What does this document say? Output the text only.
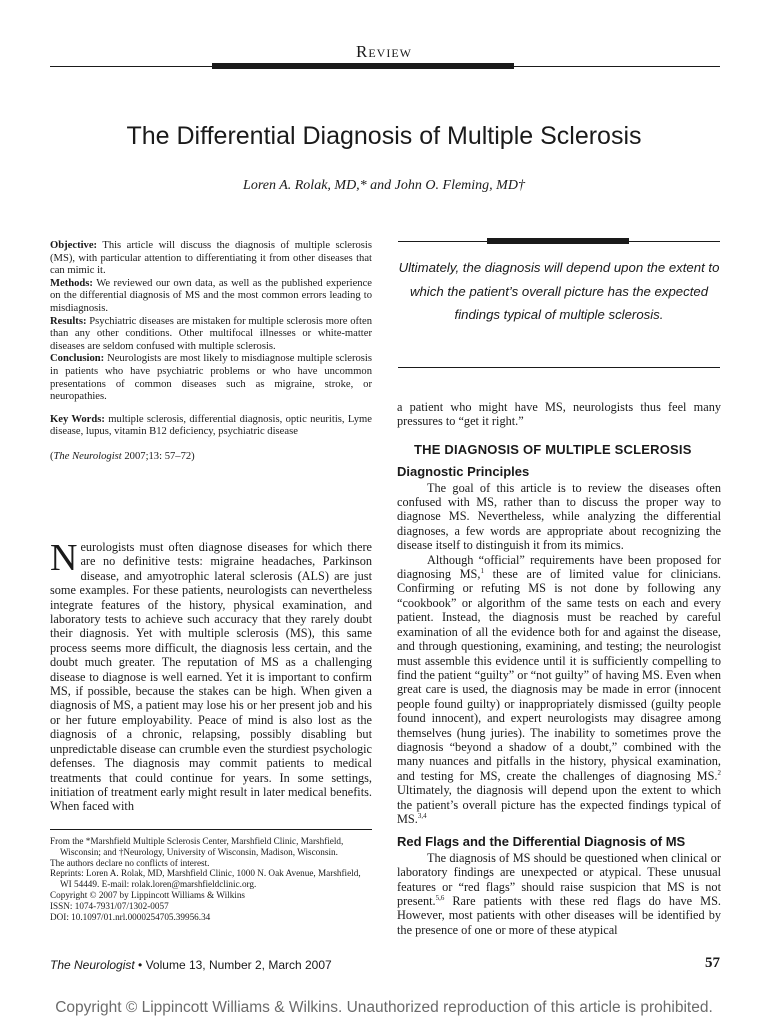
Review
The Differential Diagnosis of Multiple Sclerosis
Loren A. Rolak, MD,* and John O. Fleming, MD†

Objective: This article will discuss the diagnosis of multiple sclerosis (MS), with particular attention to differentiating it from other diseases that can mimic it.

Methods: We reviewed our own data, as well as the published experience on the differential diagnosis of MS and the most common errors leading to misdiagnosis.

Results: Psychiatric diseases are mistaken for multiple sclerosis more often than any other conditions. Other multifocal illnesses or white-matter diseases are seldom confused with multiple sclerosis.

Conclusion: Neurologists are most likely to misdiagnose multiple sclerosis in patients who have psychiatric problems or who have uncommon presentations of common diseases such as migraine, stroke, or neuropathies.

Key Words: multiple sclerosis, differential diagnosis, optic neuritis, Lyme disease, lupus, vitamin B12 deficiency, psychiatric disease

(The Neurologist 2007;13: 57–72)

Neurologists must often diagnose diseases for which there are no definitive tests: migraine headaches, Parkinson disease, and amyotrophic lateral sclerosis (ALS) are just some examples. For these patients, neurologists can nevertheless integrate features of the history, physical examination, and laboratory tests to achieve such accuracy that they rarely doubt their diagnosis. Yet with multiple sclerosis (MS), this same process seems more difficult, the diagnosis less certain, and the doubt much greater. The reputation of MS as a challenging disease to diagnose is well earned. Yet it is important to confirm MS, if possible, because the stakes can be high. When given a diagnosis of MS, a patient may lose his or her present job and his or her future employability. Peace of mind is also lost as the diagnosis of a chronic, relapsing, possibly disabling but unpredictable disease can crumble even the sturdiest psychologic defenses. The diagnosis may commit patients to medical treatments that could continue for years. In some settings, initiation of treatment early might result in later medical benefits. When faced with
From the *Marshfield Multiple Sclerosis Center, Marshfield Clinic, Marshfield, Wisconsin; and †Neurology, University of Wisconsin, Madison, Wisconsin.
The authors declare no conflicts of interest.
Reprints: Loren A. Rolak, MD, Marshfield Clinic, 1000 N. Oak Avenue, Marshfield, WI 54449. E-mail: rolak.loren@marshfieldclinic.org.
Copyright © 2007 by Lippincott Williams & Wilkins
ISSN: 1074-7931/07/1302-0057
DOI: 10.1097/01.nrl.0000254705.39956.34
Ultimately, the diagnosis will depend upon the extent to which the patient’s overall picture has the expected findings typical of multiple sclerosis.

a patient who might have MS, neurologists thus feel many pressures to “get it right.”

THE DIAGNOSIS OF MULTIPLE SCLEROSIS
Diagnostic Principles

The goal of this article is to review the diseases often confused with MS, rather than to discuss the proper way to diagnose MS. Nevertheless, while analyzing the differential diagnoses, a few words are appropriate about recognizing the disease itself to distinguish it from its mimics.

Although “official” requirements have been proposed for diagnosing MS,$^1$ these are of limited value for clinicians. Confirming or refuting MS is not done by following any “cookbook” or algorithm of the same tests on each and every patient. Instead, the diagnosis must be reached by careful examination of all the evidence both for and against the disease, and through questioning, examining, and testing; the neurologist must assemble this evidence until it is sufficiently compelling to find the patient “guilty” or “not guilty” of having MS. Even when great care is used, the diagnosis may be made in error (innocent people found guilty) or inappropriately dismissed (guilty people found innocent), and expert neurologists may disagree among themselves (hung juries). The inability to sometimes prove the diagnosis “beyond a shadow of a doubt,” combined with the many nuances and pitfalls in the history, physical examination, and testing for MS, create the challenges of diagnosing MS.$^2$ Ultimately, the diagnosis will depend upon the extent to which the patient’s overall picture has the expected findings typical of MS.$^{3,4}$

Red Flags and the Differential Diagnosis of MS

The diagnosis of MS should be questioned when clinical or laboratory findings are unexpected or atypical. These unusual features or “red flags” should raise suspicion that MS is not present.$^{5,6}$ Rare patients with these red flags do have MS. However, most patients with other diseases will be identified by the presence of one or more of these atypical

The Neurologist • Volume 13, Number 2, March 2007	57
Copyright © Lippincott Williams & Wilkins. Unauthorized reproduction of this article is prohibited.
